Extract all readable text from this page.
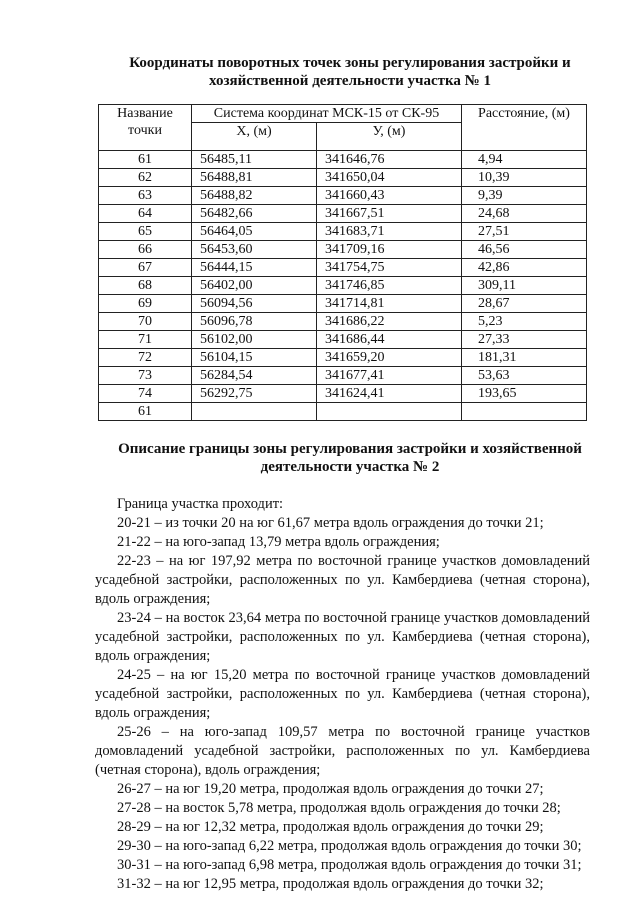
Координаты поворотных точек зоны регулирования застройки и
хозяйственной деятельности участка № 1
Название точки	Система координат МСК-15 от СК-95		Расстояние, (м)
	X, (м)	У, (м)	
61	56485,11	341646,76	4,94
62	56488,81	341650,04	10,39
63	56488,82	341660,43	9,39
64	56482,66	341667,51	24,68
65	56464,05	341683,71	27,51
66	56453,60	341709,16	46,56
67	56444,15	341754,75	42,86
68	56402,00	341746,85	309,11
69	56094,56	341714,81	28,67
70	56096,78	341686,22	5,23
71	56102,00	341686,44	27,33
72	56104,15	341659,20	181,31
73	56284,54	341677,41	53,63
74	56292,75	341624,41	193,65
61			
Описание границы зоны регулирования застройки и хозяйственной
деятельности участка № 2

Граница участка проходит:

20-21 – из точки 20 на юг 61,67 метра вдоль ограждения до точки 21;

21-22 – на юго-запад 13,79 метра вдоль ограждения;

22-23 – на юг 197,92 метра по восточной границе участков домовладений усадебной застройки, расположенных по ул. Камбердиева (четная сторона), вдоль ограждения;

23-24 – на восток 23,64 метра по восточной границе участков домовладений усадебной застройки, расположенных по ул. Камбердиева (четная сторона), вдоль ограждения;

24-25 – на юг 15,20 метра по восточной границе участков домовладений усадебной застройки, расположенных по ул. Камбердиева (четная сторона), вдоль ограждения;

25-26 – на юго-запад 109,57 метра по восточной границе участков домовладений усадебной застройки, расположенных по ул. Камбердиева (четная сторона), вдоль ограждения;

26-27 – на юг 19,20 метра, продолжая вдоль ограждения до точки 27;

27-28 – на восток 5,78 метра, продолжая вдоль ограждения до точки 28;

28-29 – на юг 12,32 метра, продолжая вдоль ограждения до точки 29;

29-30 – на юго-запад 6,22 метра, продолжая вдоль ограждения до точки 30;

30-31 – на юго-запад 6,98 метра, продолжая вдоль ограждения до точки 31;

31-32 – на юг 12,95 метра, продолжая вдоль ограждения до точки 32;
